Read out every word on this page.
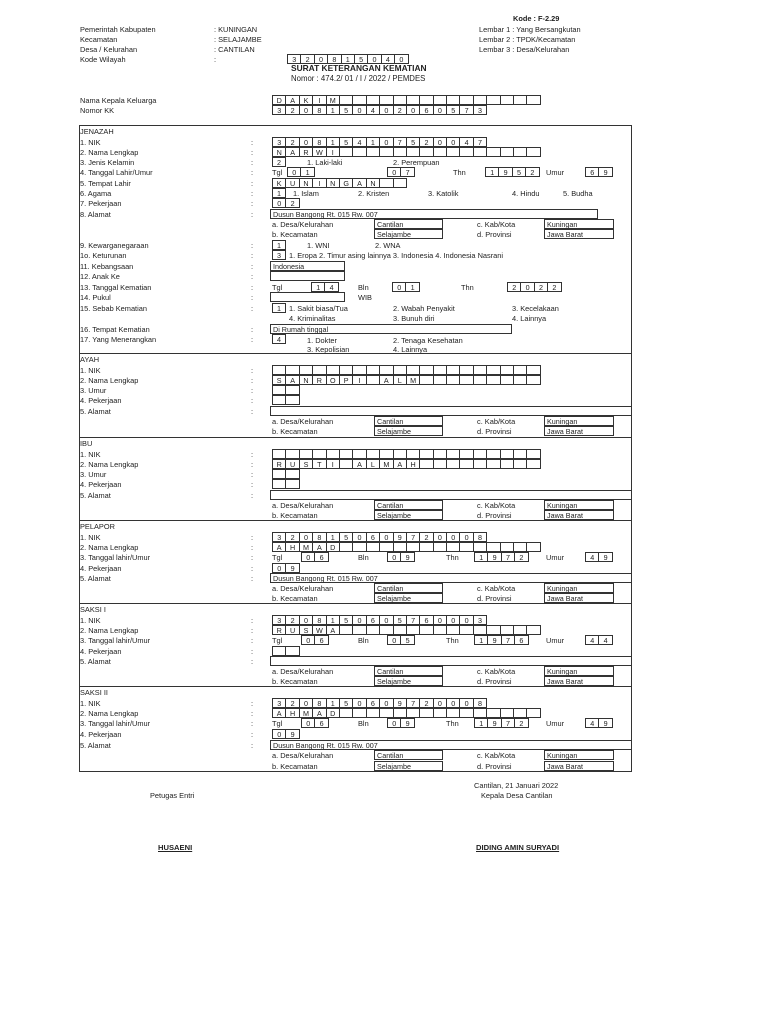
Kode : F-2.29
Pemerintah Kabupaten	: KUNINGAN
Kecamatan	: SELAJAMBE
Desa / Kelurahan	: CANTILAN
Kode Wilayah	:	3	2	0	8	1	5	0	4	0
Lembar 1 : Yang Bersangkutan
Lembar 2 : TPDK/Kecamatan
Lembar 3 : Desa/Kelurahan
SURAT KETERANGAN KEMATIAN
Nomor : 474.2/ 01 / I / 2022 / PEMDES
Nama Kepala Keluarga	D	A	K	I	M
Nomor KK	3	2	0	8	1	5	0	4	0	2	0	6	0	5	7	3
JENAZAH
1. NIK	:	3	2	0	8	1	5	4	1	0	7	5	2	0	0	4	7
2. Nama Lengkap	:	N	A	R	W	I
3. Jenis Kelamin	:	2	1. Laki-laki	2. Perempuan
4. Tanggal Lahir/Umur	:	Tgl	0	1	0	7	Thn	1	9	5	2	Umur	6	9
5. Tempat Lahir	:	K	U	N	I	N	G	A	N
6. Agama	:	1	1. Islam	2. Kristen	3. Katolik	4. Hindu	5. Budha
7. Pekerjaan	:	0	2
8. Alamat	:	Dusun Bangong Rt. 015 Rw. 007
a. Desa/Kelurahan	Cantilan	c. Kab/Kota	Kuningan
b. Kecamatan	Selajambe	d. Provinsi	Jawa Barat
9. Kewarganegaraan	:	1	1. WNI	2. WNA
1o. Keturunan	:	3	1. Eropa 2. Timur asing lainnya 3. Indonesia 4. Indonesia Nasrani
11. Kebangsaan	:	Indonesia
12. Anak Ke	:
13. Tanggal Kematian	:	Tgl	1	4	Bln	0	1	Thn	2	0	2	2
14. Pukul	:	WIB
15. Sebab Kematian	:	1	1. Sakit biasa/Tua	2. Wabah Penyakit	3. Kecelakaan
4. Kriminalitas	3. Bunuh diri	4. Lainnya
16. Tempat Kematian	:	Di Rumah tinggal
17. Yang Menerangkan	:	4	1. Dokter	2. Tenaga Kesehatan
3. Kepolisian	4. Lainnya
AYAH
1. NIK	:
2. Nama Lengkap	:	S	A	N	R	O	P	I	A	L	M
3. Umur	:
4. Pekerjaan	:
5. Alamat	:
a. Desa/Kelurahan	Cantilan	c. Kab/Kota	Kuningan
b. Kecamatan	Selajambe	d. Provinsi	Jawa Barat
IBU
1. NIK	:
2. Nama Lengkap	:	R	U	S	T	I	A	L	M	A	H
3. Umur	:
4. Pekerjaan	:
5. Alamat	:
a. Desa/Kelurahan	Cantilan	c. Kab/Kota	Kuningan
b. Kecamatan	Selajambe	d. Provinsi	Jawa Barat
PELAPOR
1. NIK	:	3	2	0	8	1	5	0	6	0	9	7	2	0	0	0	8
2. Nama Lengkap	:	A	H	M	A	D
3. Tanggal lahir/Umur	:	Tgl	0	6	Bln	0	9	Thn	1	9	7	2	Umur	4	9
4. Pekerjaan	:	0	9
5. Alamat	:	Dusun Bangong Rt. 015 Rw. 007
a. Desa/Kelurahan	Cantilan	c. Kab/Kota	Kuningan
b. Kecamatan	Selajambe	d. Provinsi	Jawa Barat
SAKSI I
1. NIK	:	3	2	0	8	1	5	0	6	0	5	7	6	0	0	0	3
2. Nama Lengkap	:	R	U	S	W	A
3. Tanggal lahir/Umur	:	Tgl	0	6	Bln	0	5	Thn	1	9	7	6	Umur	4	4
4. Pekerjaan	:
5. Alamat	:
a. Desa/Kelurahan	Cantilan	c. Kab/Kota	Kuningan
b. Kecamatan	Selajambe	d. Provinsi	Jawa Barat
SAKSI II
1. NIK	:	3	2	0	8	1	5	0	6	0	9	7	2	0	0	0	8
2. Nama Lengkap	:	A	H	M	A	D
3. Tanggal lahir/Umur	:	Tgl	0	6	Bln	0	9	Thn	1	9	7	2	Umur	4	9
4. Pekerjaan	:	0	9
5. Alamat	:	Dusun Bangong Rt. 015 Rw. 007
a. Desa/Kelurahan	Cantilan	c. Kab/Kota	Kuningan
b. Kecamatan	Selajambe	d. Provinsi	Jawa Barat
Cantilan, 21 Januari 2022
Petugas Entri	Kepala Desa Cantilan
HUSAENI	DIDING AMIN SURYADI
